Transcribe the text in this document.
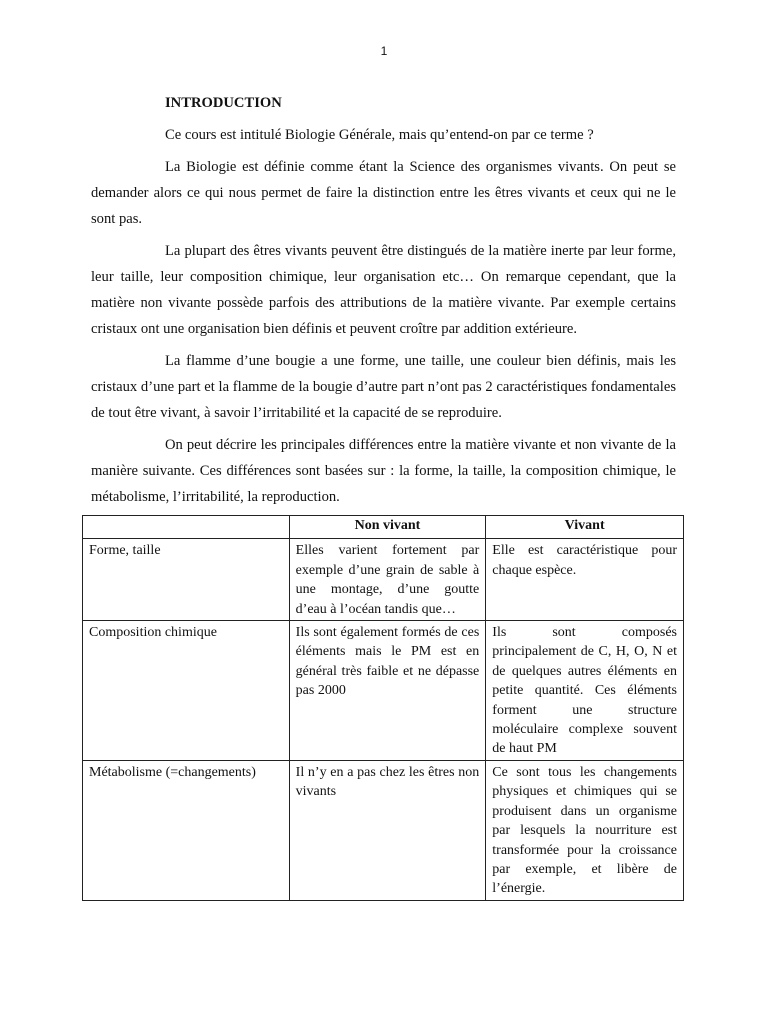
1

INTRODUCTION

Ce cours est intitulé Biologie Générale, mais qu’entend-on par ce terme ?

La Biologie est définie comme étant la Science des organismes vivants. On peut se demander alors ce qui nous permet de faire la distinction entre les êtres vivants et ceux qui ne le sont pas.

La plupart des êtres vivants peuvent être distingués de la matière inerte par leur forme, leur taille, leur composition chimique, leur organisation etc… On remarque cependant, que la matière non vivante possède parfois des attributions de la matière vivante. Par exemple certains cristaux ont une organisation bien définis et peuvent croître par addition extérieure.

La flamme d’une bougie a une forme, une taille, une couleur bien définis, mais les cristaux d’une part et la flamme de la bougie d’autre part n’ont pas 2 caractéristiques fondamentales de tout être vivant, à savoir l’irritabilité et la capacité de se reproduire.

On peut décrire les principales différences entre la matière vivante et non vivante de la manière suivante. Ces différences sont basées sur : la forme, la taille, la composition chimique, le métabolisme, l’irritabilité, la reproduction.

	Non vivant	Vivant
Forme, taille	Elles varient fortement par exemple d’une grain de sable à une montage, d’une goutte d’eau à l’océan tandis que…	Elle est caractéristique pour chaque espèce.
Composition chimique	Ils sont également formés de ces éléments mais le PM est en général très faible et ne dépasse pas 2000	Ils sont composés principalement de C, H, O, N et de quelques autres éléments en petite quantité. Ces éléments forment une structure moléculaire complexe souvent de haut PM
Métabolisme (=changements)	Il n’y en a pas chez les êtres non vivants	Ce sont tous les changements physiques et chimiques qui se produisent dans un organisme par lesquels la nourriture est transformée pour la croissance par exemple, et libère de l’énergie.
